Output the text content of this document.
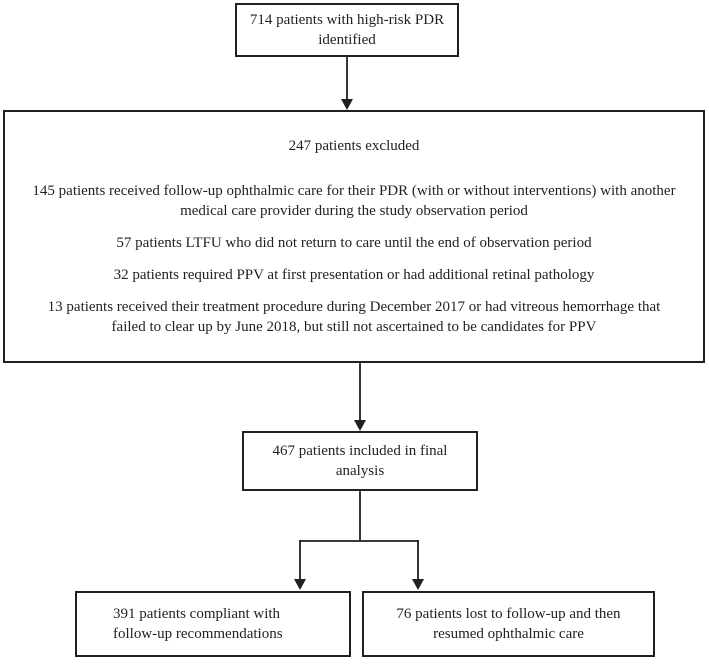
714 patients with high-risk PDR identified

247 patients excluded

145 patients received follow-up ophthalmic care for their PDR (with or without interventions) with another medical care provider during the study observation period

57 patients LTFU who did not return to care until the end of observation period

32 patients required PPV at first presentation or had additional retinal pathology

13 patients received their treatment procedure during December 2017 or had vitreous hemorrhage that failed to clear up by June 2018, but still not ascertained to be candidates for PPV

467 patients included in final analysis
391 patients compliant with follow-up recommendations
76 patients lost to follow-up and then resumed ophthalmic care
